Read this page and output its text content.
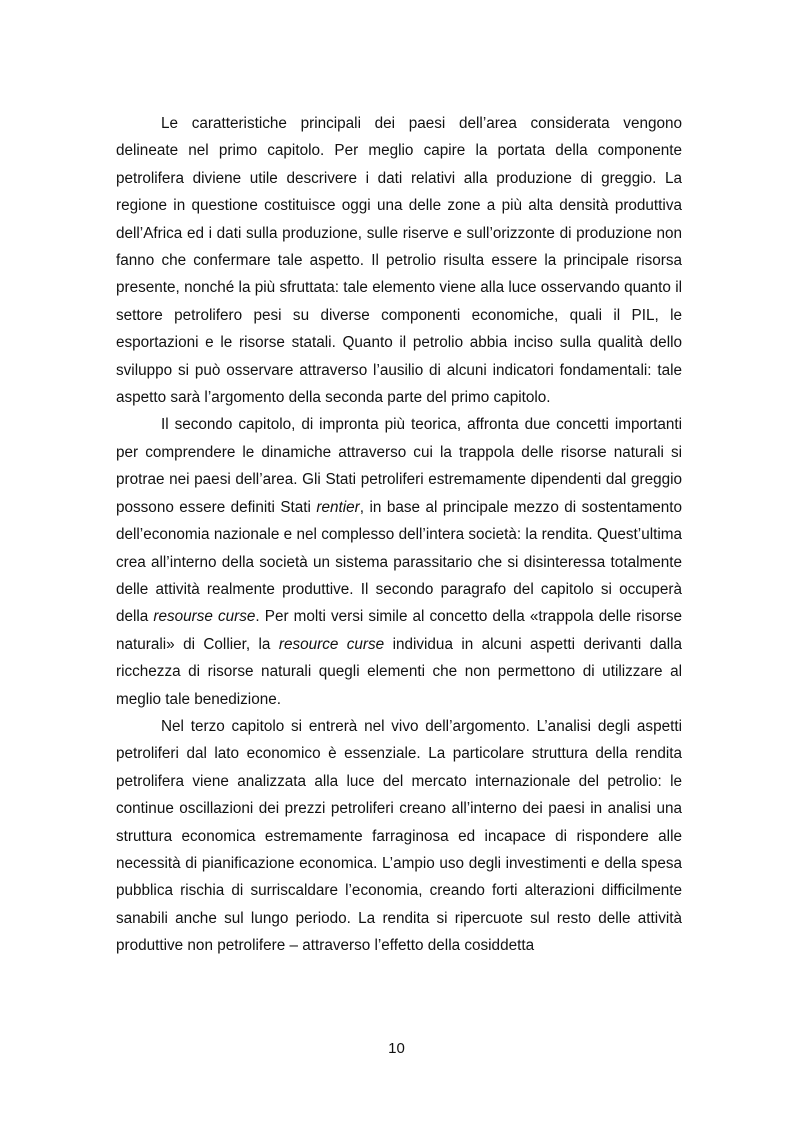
Le caratteristiche principali dei paesi dell’area considerata vengono delineate nel primo capitolo. Per meglio capire la portata della componente petrolifera diviene utile descrivere i dati relativi alla produzione di greggio. La regione in questione costituisce oggi una delle zone a più alta densità produttiva dell’Africa ed i dati sulla produzione, sulle riserve e sull’orizzonte di produzione non fanno che confermare tale aspetto. Il petrolio risulta essere la principale risorsa presente, nonché la più sfruttata: tale elemento viene alla luce osservando quanto il settore petrolifero pesi su diverse componenti economiche, quali il PIL, le esportazioni e le risorse statali. Quanto il petrolio abbia inciso sulla qualità dello sviluppo si può osservare attraverso l’ausilio di alcuni indicatori fondamentali: tale aspetto sarà l’argomento della seconda parte del primo capitolo.

Il secondo capitolo, di impronta più teorica, affronta due concetti importanti per comprendere le dinamiche attraverso cui la trappola delle risorse naturali si protrae nei paesi dell’area. Gli Stati petroliferi estremamente dipendenti dal greggio possono essere definiti Stati rentier, in base al principale mezzo di sostentamento dell’economia nazionale e nel complesso dell’intera società: la rendita. Quest’ultima crea all’interno della società un sistema parassitario che si disinteressa totalmente delle attività realmente produttive. Il secondo paragrafo del capitolo si occuperà della resourse curse. Per molti versi simile al concetto della «trappola delle risorse naturali» di Collier, la resource curse individua in alcuni aspetti derivanti dalla ricchezza di risorse naturali quegli elementi che non permettono di utilizzare al meglio tale benedizione.

Nel terzo capitolo si entrerà nel vivo dell’argomento. L’analisi degli aspetti petroliferi dal lato economico è essenziale. La particolare struttura della rendita petrolifera viene analizzata alla luce del mercato internazionale del petrolio: le continue oscillazioni dei prezzi petroliferi creano all’interno dei paesi in analisi una struttura economica estremamente farraginosa ed incapace di rispondere alle necessità di pianificazione economica. L’ampio uso degli investimenti e della spesa pubblica rischia di surriscaldare l’economia, creando forti alterazioni difficilmente sanabili anche sul lungo periodo. La rendita si ripercuote sul resto delle attività produttive non petrolifere – attraverso l’effetto della cosiddetta

10
